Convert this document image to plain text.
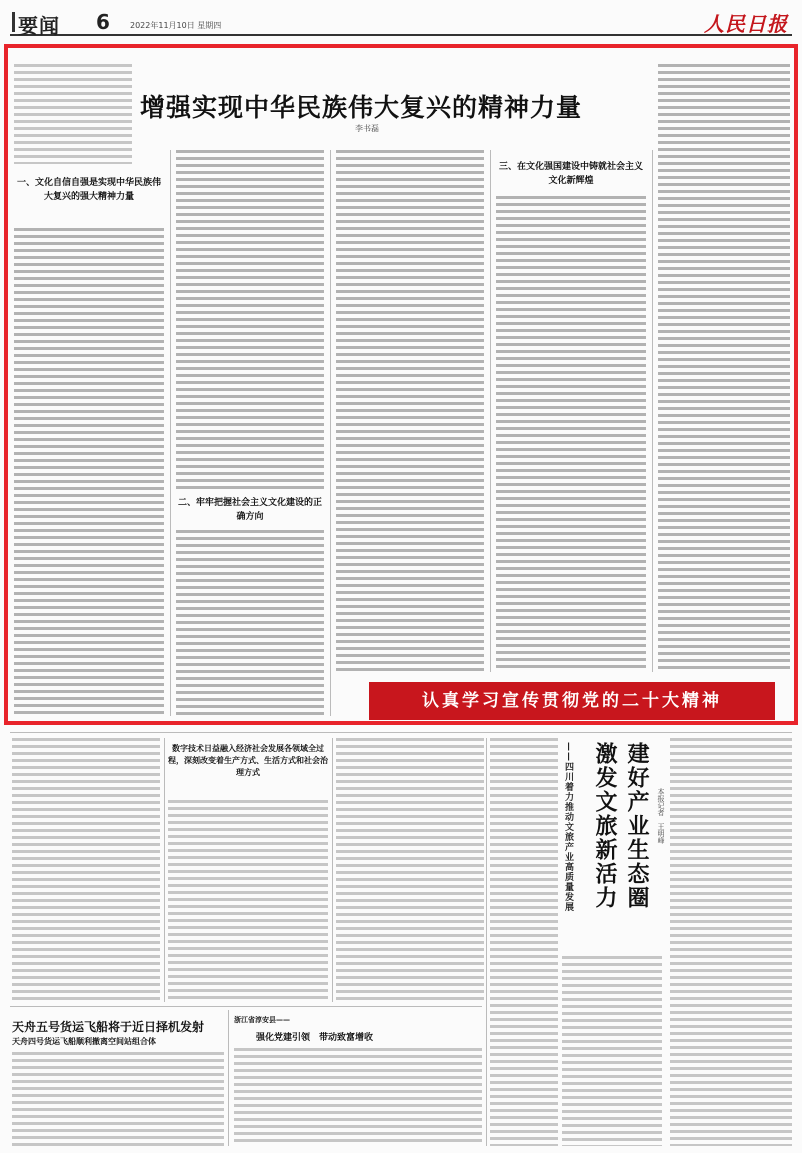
要闻 6	2022年11月10日 星期四	人民日报
增强实现中华民族伟大复兴的精神力量
李书磊
一、文化自信自强是实现中华民族伟大复兴的强大精神力量
二、牢牢把握社会主义文化建设的正确方向
三、在文化强国建设中铸就社会主义文化新辉煌
认真学习宣传贯彻党的二十大精神
数字技术日益融入经济社会发展各领域全过程，深刻改变着生产方式、生活方式和社会治理方式
天舟五号货运飞船将于近日择机发射
天舟四号货运飞船顺利撤离空间站组合体
浙江省淳安县——
强化党建引领　带动致富增收
——四川着力推动文旅产业高质量发展 激发文旅新活力 建好产业生态圈 本报记者　王明峰
